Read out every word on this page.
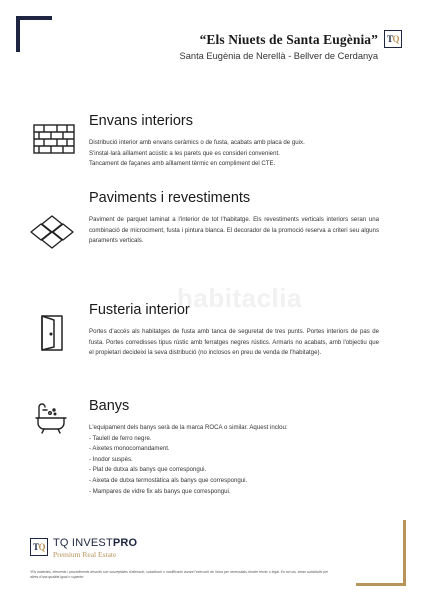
“Els Niuets de Santa Eugènia”
Santa Eugènia de Nerellà - Bellver de Cerdanya
T Q
habitaclia
Envans interiors

Distribució interior amb envans ceràmics o de fusta, acabats amb placa de guix.

S'instal·larà aïllament acústic a les parets que es consideri convenient.

Tancament de façanes amb aïllament tèrmic en compliment del CTE.

Paviments i revestiments

Paviment de parquet laminat a l'interior de tot l'habitatge. Els revestiments verticals interiors seran una combinació de microciment, fusta i pintura blanca. El decorador de la promoció reserva a criteri seu alguns paraments verticals.

Fusteria interior

Portes d'accés als habitatges de fusta amb tanca de seguretat de tres punts. Portes interiors de pas de fusta. Portes corredisses tipus rústic amb ferratges negres rústics. Armaris no acabats, amb l'objectiu que el propietari decideixi la seva distribució (no inclosos en preu de venda de l'habitatge).

Banys

L'equipament dels banys serà de la marca ROCA o similar. Aquest inclou:

- Taulell de ferro negre.
- Aixetes monocomandament.
- Inodor suspès.
- Plat de dutxa als banys que correspongui.
- Aixeta de dutxa termostàtica als banys que correspongui.
- Mampares de vidre fix als banys que correspongui.
T Q TQ INVESTPRO
Premium Real Estate
*Els materials, elements i procediments descrits són susceptibles d'alteració, substitució o modificació durant l'execució de l'obra per necessitats d'ordre tècnic o legal. En tal cas, seran substituïts per altres d'una qualitat igual o superior.
